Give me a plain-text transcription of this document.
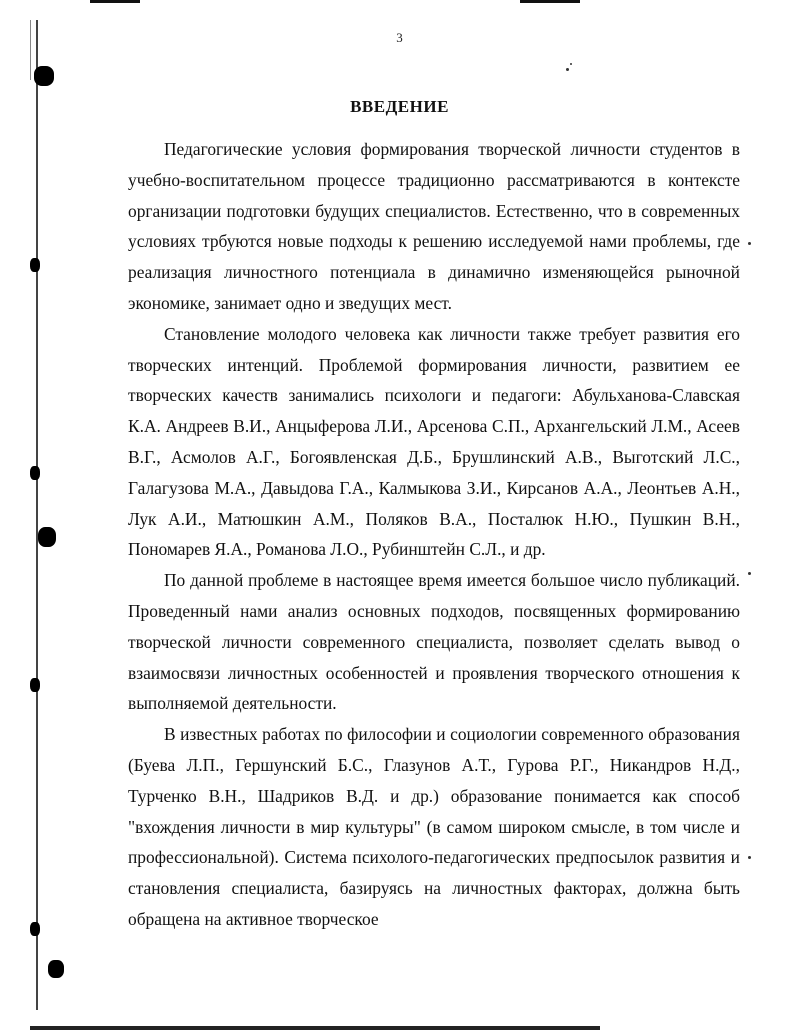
3
ВВЕДЕНИЕ

Педагогические условия формирования творческой личности студентов в учебно-воспитательном процессе традиционно рассматриваются в контексте организации подготовки будущих специалистов. Естественно, что в современных условиях трбуются новые подходы к решению исследуемой нами проблемы, где реализация личностного потенциала в динамично изменяющейся рыночной экономике, занимает одно и зведущих мест.

Становление молодого человека как личности также требует развития его творческих интенций. Проблемой формирования личности, развитием ее творческих качеств занимались психологи и педагоги: Абульханова-Славская К.А. Андреев В.И., Анцыферова Л.И., Арсенова С.П., Архангельский Л.М., Асеев В.Г., Асмолов А.Г., Богоявленская Д.Б., Брушлинский А.В., Выготский Л.С., Галагузова М.А., Давыдова Г.А., Калмыкова З.И., Кирсанов А.А., Леонтьев А.Н., Лук А.И., Матюшкин А.М., Поляков В.А., Посталюк Н.Ю., Пушкин В.Н., Пономарев Я.А., Романова Л.О., Рубинштейн С.Л., и др.

По данной проблеме в настоящее время имеется большое число публикаций. Проведенный нами анализ основных подходов, посвященных формированию творческой личности современного специалиста, позволяет сделать вывод о взаимосвязи личностных особенностей и проявления творческого отношения к выполняемой деятельности.

В известных работах по философии и социологии современного образования (Буева Л.П., Гершунский Б.С., Глазунов А.Т., Гурова Р.Г., Никандров Н.Д., Турченко В.Н., Шадриков В.Д. и др.) образование понимается как способ "вхождения личности в мир культуры" (в самом широком смысле, в том числе и профессиональной). Система психолого-педагогических предпосылок развития и становления специалиста, базируясь на личностных факторах, должна быть обращена на активное творческое
